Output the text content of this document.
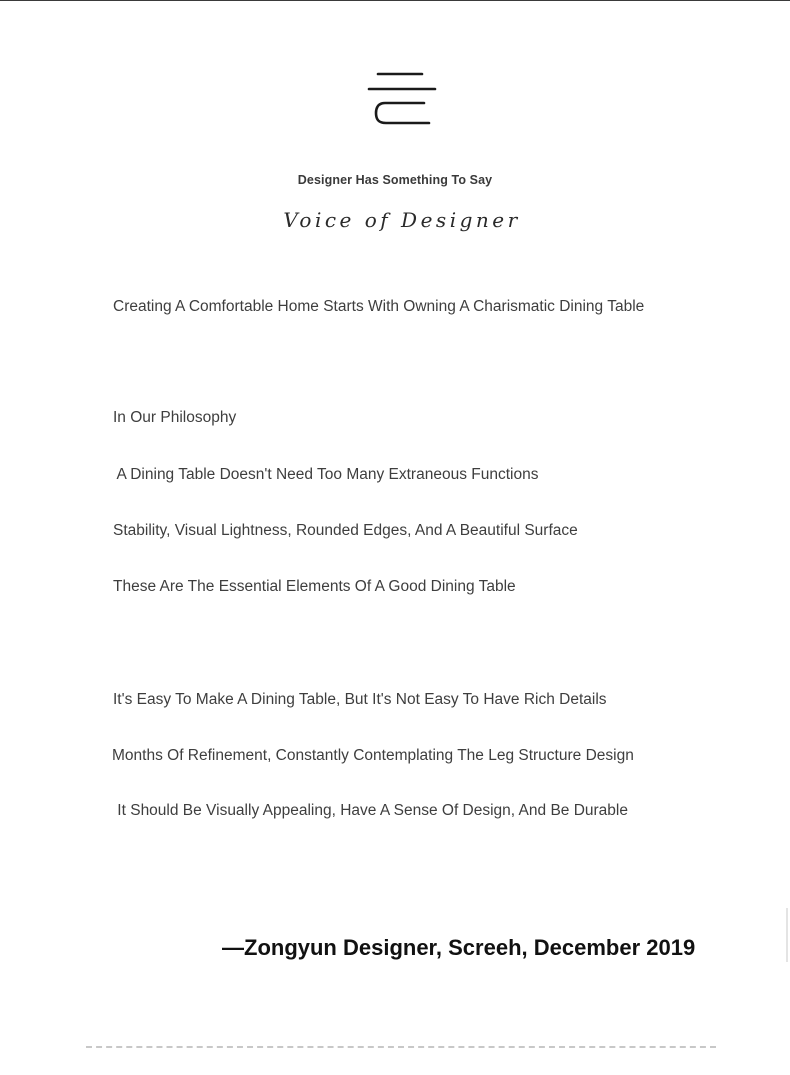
Designer Has Something To Say
Voice of Designer
Creating A Comfortable Home Starts With Owning A Charismatic Dining Table
In Our Philosophy
A Dining Table Doesn't Need Too Many Extraneous Functions
Stability, Visual Lightness, Rounded Edges, And A Beautiful Surface
These Are The Essential Elements Of A Good Dining Table
It's Easy To Make A Dining Table, But It's Not Easy To Have Rich Details
Months Of Refinement, Constantly Contemplating The Leg Structure Design
It Should Be Visually Appealing, Have A Sense Of Design, And Be Durable
—Zongyun Designer, Screeh, December 2019
